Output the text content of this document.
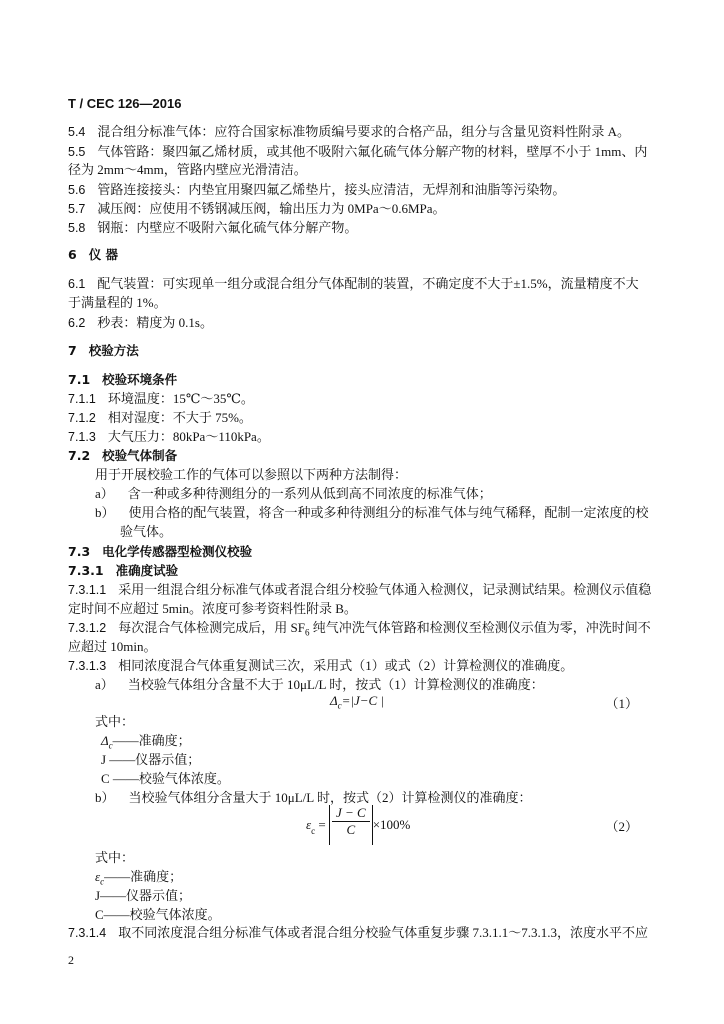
T / CEC 126—2016
5.4 混合组分标准气体：应符合国家标准物质编号要求的合格产品，组分与含量见资料性附录 A。
5.5 气体管路：聚四氟乙烯材质，或其他不吸附六氟化硫气体分解产物的材料，壁厚不小于 1mm、内
径为 2mm～4mm，管路内壁应光滑清洁。
5.6 管路连接接头：内垫宜用聚四氟乙烯垫片，接头应清洁，无焊剂和油脂等污染物。
5.7 减压阀：应使用不锈钢减压阀，输出压力为 0MPa～0.6MPa。
5.8 钢瓶：内壁应不吸附六氟化硫气体分解产物。
6 仪 器
6.1 配气装置：可实现单一组分或混合组分气体配制的装置，不确定度不大于±1.5%，流量精度不大
于满量程的 1%。
6.2 秒表：精度为 0.1s。
7 校验方法
7.1 校验环境条件
7.1.1 环境温度：15℃～35℃。
7.1.2 相对湿度：不大于 75%。
7.1.3 大气压力：80kPa～110kPa。
7.2 校验气体制备
用于开展校验工作的气体可以参照以下两种方法制得：
a） 含一种或多种待测组分的一系列从低到高不同浓度的标准气体；
b） 使用合格的配气装置，将含一种或多种待测组分的标准气体与纯气稀释，配制一定浓度的校
验气体。
7.3 电化学传感器型检测仪校验
7.3.1 准确度试验
7.3.1.1 采用一组混合组分标准气体或者混合组分校验气体通入检测仪，记录测试结果。检测仪示值稳
定时间不应超过 5min。浓度可参考资料性附录 B。
7.3.1.2 每次混合气体检测完成后，用 $SF_6$ 纯气冲洗气体管路和检测仪至检测仪示值为零，冲洗时间不
应超过 10min。
7.3.1.3 相同浓度混合气体重复测试三次，采用式（1）或式（2）计算检测仪的准确度。
a） 当校验气体组分含量不大于 10μL/L 时，按式（1）计算检测仪的准确度：
$\Delta_c=|J-C$ |	（1）
式中：
$\Delta_c——$准确度；
J ——仪器示值；
C ——校验气体浓度。
b） 当校验气体组分含量大于 10μL/L 时，按式（2）计算检测仪的准确度：
$\varepsilon_c = \frac{J - C}{C} \times 100\%$	（2）
式中：
$\varepsilon_c——$准确度；
J——仪器示值；
C——校验气体浓度。
7.3.1.4 取不同浓度混合组分标准气体或者混合组分校验气体重复步骤 7.3.1.1～7.3.1.3，浓度水平不应
2
